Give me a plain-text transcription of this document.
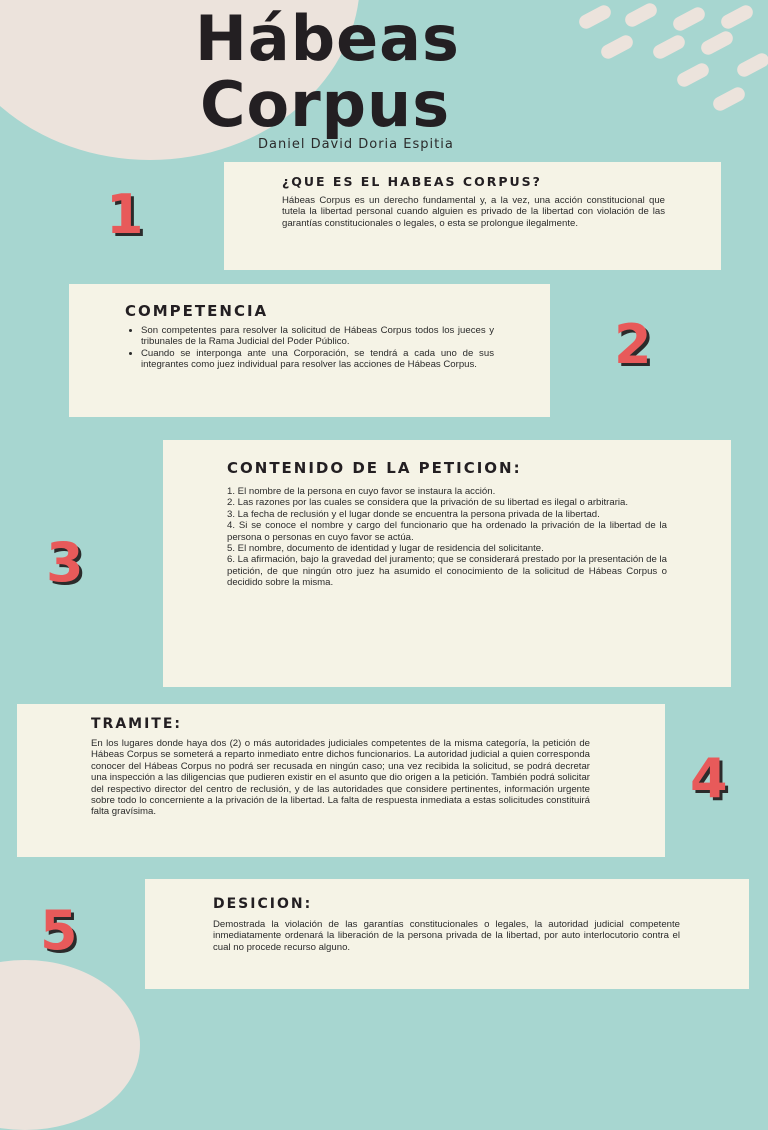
Hábeas
Corpus
Daniel David Doria Espitia
1
¿QUE ES EL HABEAS CORPUS?

Hábeas Corpus es un derecho fundamental y, a la vez, una acción constitucional que tutela la libertad personal cuando alguien es privado de la libertad con violación de las garantías constitucionales o legales, o esta se prolongue ilegalmente.

2
COMPETENCIA
• Son competentes para resolver la solicitud de Hábeas Corpus todos los jueces y tribunales de la Rama Judicial del Poder Público.
• Cuando se interponga ante una Corporación, se tendrá a cada uno de sus integrantes como juez individual para resolver las acciones de Hábeas Corpus.
3
CONTENIDO DE LA PETICION:

1. El nombre de la persona en cuyo favor se instaura la acción.
2. Las razones por las cuales se considera que la privación de su libertad es ilegal o arbitraria.
3. La fecha de reclusión y el lugar donde se encuentra la persona privada de la libertad.
4. Si se conoce el nombre y cargo del funcionario que ha ordenado la privación de la libertad de la persona o personas en cuyo favor se actúa.
5. El nombre, documento de identidad y lugar de residencia del solicitante.
6. La afirmación, bajo la gravedad del juramento; que se considerará prestado por la presentación de la petición, de que ningún otro juez ha asumido el conocimiento de la solicitud de Hábeas Corpus o decidido sobre la misma.

4
TRAMITE:

En los lugares donde haya dos (2) o más autoridades judiciales competentes de la misma categoría, la petición de Hábeas Corpus se someterá a reparto inmediato entre dichos funcionarios. La autoridad judicial a quien corresponda conocer del Hábeas Corpus no podrá ser recusada en ningún caso; una vez recibida la solicitud, se podrá decretar una inspección a las diligencias que pudieren existir en el asunto que dio origen a la petición. También podrá solicitar del respectivo director del centro de reclusión, y de las autoridades que considere pertinentes, información urgente sobre todo lo concerniente a la privación de la libertad. La falta de respuesta inmediata a estas solicitudes constituirá falta gravísima.

5	DESICION:

Demostrada la violación de las garantías constitucionales o legales, la autoridad judicial competente inmediatamente ordenará la liberación de la persona privada de la libertad, por auto interlocutorio contra el cual no procede recurso alguno.
